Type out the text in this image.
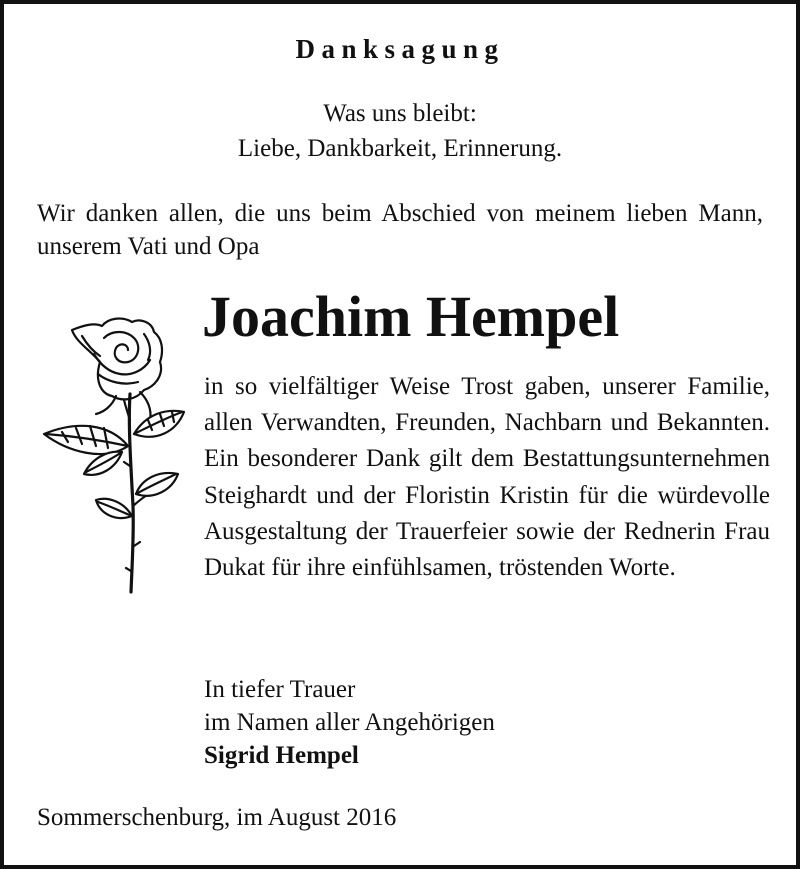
Danksagung
Was uns bleibt:
Liebe, Dankbarkeit, Erinnerung.
Wir danken allen, die uns beim Abschied von meinem lieben Mann, unserem Vati und Opa
Joachim Hempel
in so vielfältiger Weise Trost gaben, unserer Familie, allen Verwandten, Freunden, Nachbarn und Bekannten. Ein besonderer Dank gilt dem Bestattungsunternehmen Steighardt und der Floristin Kristin für die würdevolle Ausgestaltung der Trauerfeier sowie der Rednerin Frau Dukat für ihre einfühlsamen, tröstenden Worte.
In tiefer Trauer
im Namen aller Angehörigen
Sigrid Hempel
Sommerschenburg, im August 2016
